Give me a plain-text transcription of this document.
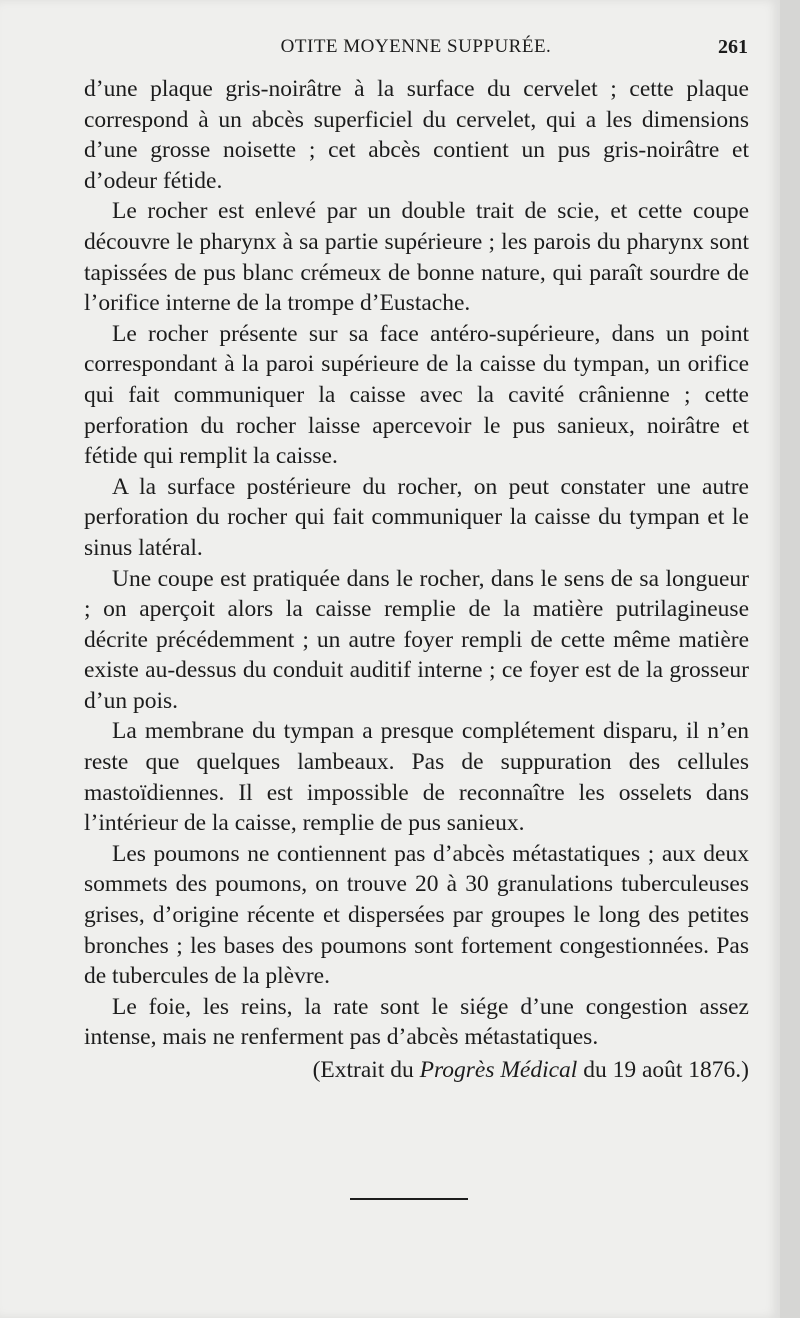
OTITE MOYENNE SUPPURÉE.	261

d’une plaque gris-noirâtre à la surface du cervelet ; cette plaque correspond à un abcès superficiel du cervelet, qui a les dimensions d’une grosse noisette ; cet abcès contient un pus gris-noirâtre et d’odeur fétide.

Le rocher est enlevé par un double trait de scie, et cette coupe découvre le pharynx à sa partie supérieure ; les parois du pharynx sont tapissées de pus blanc crémeux de bonne nature, qui paraît sourdre de l’orifice interne de la trompe d’Eustache.

Le rocher présente sur sa face antéro-supérieure, dans un point correspondant à la paroi supérieure de la caisse du tympan, un orifice qui fait communiquer la caisse avec la cavité crânienne ; cette perforation du rocher laisse apercevoir le pus sanieux, noirâtre et fétide qui remplit la caisse.

A la surface postérieure du rocher, on peut constater une autre perforation du rocher qui fait communiquer la caisse du tympan et le sinus latéral.

Une coupe est pratiquée dans le rocher, dans le sens de sa longueur ; on aperçoit alors la caisse remplie de la matière putrilagineuse décrite précédemment ; un autre foyer rempli de cette même matière existe au-dessus du conduit auditif interne ; ce foyer est de la grosseur d’un pois.

La membrane du tympan a presque complétement disparu, il n’en reste que quelques lambeaux. Pas de suppuration des cellules mastoïdiennes. Il est impossible de reconnaître les osselets dans l’intérieur de la caisse, remplie de pus sanieux.

Les poumons ne contiennent pas d’abcès métastatiques ; aux deux sommets des poumons, on trouve 20 à 30 granulations tuberculeuses grises, d’origine récente et dispersées par groupes le long des petites bronches ; les bases des poumons sont fortement congestionnées. Pas de tubercules de la plèvre.

Le foie, les reins, la rate sont le siége d’une congestion assez intense, mais ne renferment pas d’abcès métastatiques.

(Extrait du Progrès Médical du 19 août 1876.)
